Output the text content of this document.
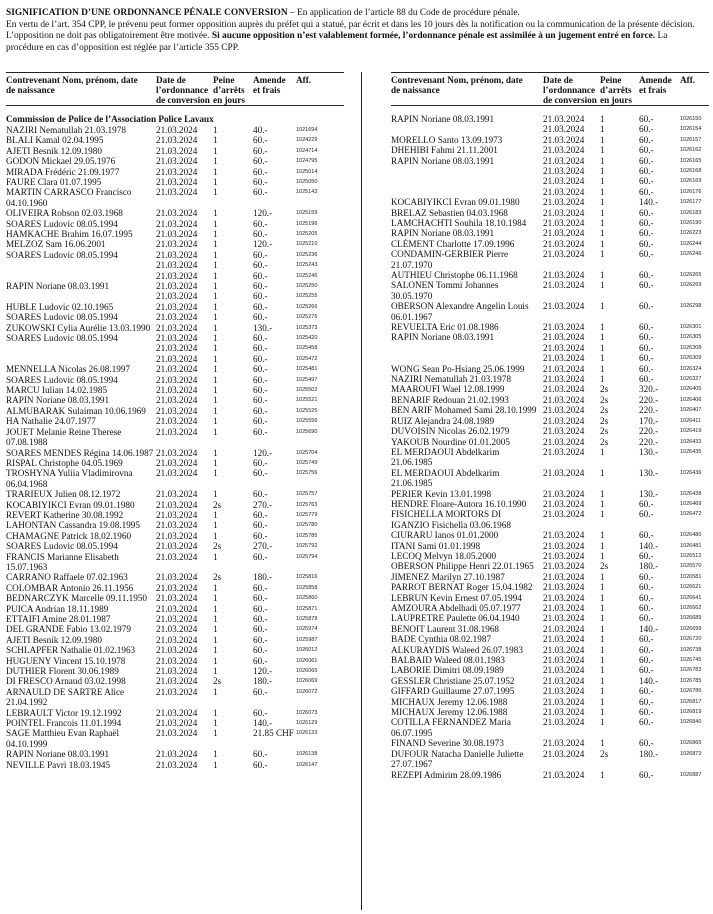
SIGNIFICATION D’UNE ORDONNANCE PÉNALE CONVERSION – En application de l’article 88 du Code de procédure pénale.

En vertu de l’art. 354 CPP, le prévenu peut former opposition auprès du préfet qui a statué, par écrit et dans les 10 jours dès la notification ou la communication de la présente décision. L’opposition ne doit pas obligatoirement être motivée. Si aucune opposition n’est valablement formée, l’ordonnance pénale est assimilée à un jugement entré en force. La procédure en cas d’opposition est réglée par l’article 355 CPP.

Contrevenant Nom, prénom, date de naissance
Date de l’ordonnance de conversion
Peine d’arrêts en jours
Amende et frais
Aff.
Commission de Police de l’Association Police Lavaux
NAZIRI Nematullah 21.03.1978	21.03.2024 1	40.-	1021694
BLALI Kamal 02.04.1995	21.03.2024 1	60.-	1024229
AJETI Besnik 12.09.1980	21.03.2024 1	60.-	1024714
GODON Mickael 29.05.1976	21.03.2024 1	60.-	1024795
MIRADA Frédéric 21.09.1977	21.03.2024 1	60.-	1025014
FAURE Clara 01.07.1995	21.03.2024 1	60.-	1025050
MARTIN CARRASCO Francisco 04.10.1960
21.03.2024 1	60.-	1025143
OLIVEIRA Robson 02.03.1968	21.03.2024 1	120.-	1025159
SOARES Ludovic 08.05.1994	21.03.2024 1	60.-	1025196
HAMKACHE Brahim 16.07.1995	21.03.2024 1	60.-	1025205
MELZOZ Sam 16.06.2001	21.03.2024 1	120.-	1025210
SOARES Ludovic 08.05.1994	21.03.2024 1	60.-	1025236
21.03.2024 1	60.-	1025243
21.03.2024 1	60.-	1025246
RAPIN Noriane 08.03.1991	21.03.2024 1	60.-	1025250
21.03.2024 1	60.-	1025255
HUBLE Ludovic 02.10.1965	21.03.2024 1	60.-	1025266
SOARES Ludovic 08.05.1994	21.03.2024 1	60.-	1025276
ZUKOWSKI Cylia Aurélie 13.03.1990 21.03.2024 1	130.-	1025373
SOARES Ludovic 08.05.1994	21.03.2024 1	60.-	1025420
21.03.2024 1	60.-	1025458
21.03.2024 1	60.-	1025472
MENNELLA Nicolas 26.08.1997	21.03.2024 1	60.-	1025481
SOARES Ludovic 08.05.1994	21.03.2024 1	60.-	1025497
MARCU Iulian 14.02.1985	21.03.2024 1	60.-	1025502
RAPIN Noriane 08.03.1991	21.03.2024 1	60.-	1025521
ALMUBARAK Sulaiman 10.06.1969	21.03.2024 1	60.-	1025525
HA Nathalie 24.07.1977	21.03.2024 1	60.-	1025556
JOUET Melanie Reine Therese 07.08.1988
21.03.2024 1	60.-	1025690
SOARES MENDES Régina 14.06.1987 21.03.2024 1	120.-	1025704
RISPAL Christophe 04.05.1969	21.03.2024 1	60.-	1025749
TROSHYNA Yuliia Vladimirovna 06.04.1968
21.03.2024 1	60.-	1025756
TRARIEUX Julien 08.12.1972	21.03.2024 1	60.-	1025757
KOCABIYIKCI Evran 09.01.1980	21.03.2024 2s	270.-	1025763
REVERT Katherine 30.08.1992	21.03.2024 1	60.-	1025779
LAHONTAN Cassandra 19.08.1995	21.03.2024 1	60.-	1025780
CHAMAGNE Patrick 18.02.1960	21.03.2024 1	60.-	1025785
SOARES Ludovic 08.05.1994	21.03.2024 2s	270.-	1025792
FRANCIS Marianne Elisabeth 15.07.1963
21.03.2024 1	60.-	1025794
CARRANO Raffaele 07.02.1963	21.03.2024 2s	180.-	1025816
COLOMBAR Antonio 26.11.1956	21.03.2024 1	60.-	1025858
BEDNARCZYK Marcelle 09.11.1950 21.03.2024 1	60.-	1025860
PUICA Andrian 18.11.1989	21.03.2024 1	60.-	1025871
ETTAIFI Amine 28.01.1987	21.03.2024 1	60.-	1025878
DEL GRANDE Fabio 13.02.1979	21.03.2024 1	60.-	1025974
AJETI Besnik 12.09.1980	21.03.2024 1	60.-	1025987
SCHLAPFER Nathalie 01.02.1963	21.03.2024 1	60.-	1026012
HUGUENY Vincent 15.10.1978	21.03.2024 1	60.-	1026061
DUTHIER Florent 30.06.1989	21.03.2024 1	120.-	1026065
DI FRESCO Arnaud 03.02.1998	21.03.2024 2s	180.-	1026069
ARNAULD DE SARTRE Alice 21.04.1992
21.03.2024 1	60.-	1026072
LEBRAULT Victor 19.12.1992	21.03.2024 1	60.-	1026073
POINTEL Francois 11.01.1994	21.03.2024 1	140.-	1026129
SAGE Matthieu Evan Raphaël 04.10.1999
21.03.2024 1	21.85 CHF 1026133
RAPIN Noriane 08.03.1991	21.03.2024 1	60.-	1026138
NEVILLE Pavri 18.03.1945	21.03.2024 1	60.-	1026147
Contrevenant Nom, prénom, date de naissance
Date de l’ordonnance de conversion
Peine d’arrêts en jours
Amende et frais
Aff.
RAPIN Noriane 08.03.1991	21.03.2024 1	60.-	1026150
21.03.2024 1	60.-	1026154
MORELLO Santo 13.09.1973	21.03.2024 1	60.-	1026157
DHEHIBI Fahmi 21.11.2001	21.03.2024 1	60.-	1026162
RAPIN Noriane 08.03.1991	21.03.2024 1	60.-	1026165
21.03.2024 1	60.-	1026168
21.03.2024 1	60.-	1026169
21.03.2024 1	60.-	1026176
KOCABIYIKCI Evran 09.01.1980	21.03.2024 1	140.-	1026177
BRELAZ Sebastien 04.03.1968	21.03.2024 1	60.-	1026183
LAMCHACHTI Souhila 18.10.1984	21.03.2024 1	60.-	1026190
RAPIN Noriane 08.03.1991	21.03.2024 1	60.-	1026223
CLÉMENT Charlotte 17.09.1996	21.03.2024 1	60.-	1026244
CONDAMIN-GERBIER Pierre 21.07.1970
21.03.2024 1	60.-	1026246
AUTHIEU Christophe 06.11.1968	21.03.2024 1	60.-	1026265
SALONEN Tommi Johannes 30.05.1970
21.03.2024 1	60.-	1026269
OBERSON Alexandre Angelin Louis 06.01.1967
21.03.2024 1	60.-	1026298
REVUELTA Eric 01.08.1986	21.03.2024 1	60.-	1026301
RAPIN Noriane 08.03.1991	21.03.2024 1	60.-	1026305
21.03.2024 1	60.-	1026308
21.03.2024 1	60.-	1026309
WONG Sean Po-Hsiang 25.06.1999	21.03.2024 1	60.-	1026324
NAZIRI Nematullah 21.03.1978	21.03.2024 1	60.-	1026327
MAAROUFI Wael 12.08.1999	21.03.2024 2s	320.-	1026405
BENARIF Redouan 21.02.1993	21.03.2024 2s	220.-	1026406
BEN ARIF Mohamed Sami 28.10.1999 21.03.2024 2s	220.-	1026407
RUIZ Alejandra 24.08.1989	21.03.2024 2s	170.-	1026411
DUVOISIN Nicolas 26.02.1979	21.03.2024 2s	220.-	1026419
YAKOUB Nourdine 01.01.2005	21.03.2024 2s	220.-	1026433
EL MERDAOUI Abdelkarim 21.06.1985
21.03.2024 1	130.-	1026435
EL MERDAOUI Abdelkarim 21.06.1985
21.03.2024 1	130.-	1026436
PERIER Kevin 13.01.1998	21.03.2024 1	130.-	1026438
HENDRE Floare-Autora 16.10.1990	21.03.2024 1	60.-	1026469
FISICHELLA MORTORS DI IGANZIO Fisichella 03.06.1968
21.03.2024 1	60.-	1026472
CIURARU Ianos 01.01.2000	21.03.2024 1	60.-	1026480
ITANI Sami 01.01.1998	21.03.2024 1	140.-	1026481
LECOQ Melvyn 18.05.2000	21.03.2024 1	60.-	1026512
OBERSON Philippe Henri 22.01.1965	21.03.2024 2s	180.-	1026570
JIMENEZ Marilyn 27.10.1987	21.03.2024 1	60.-	1026581
PARROT BERNAT Roger 15.04.1982	21.03.2024 1	60.-	1026621
LEBRUN Kevin Ernest 07.05.1994	21.03.2024 1	60.-	1026641
AMZOURA Abdelhadi 05.07.1977	21.03.2024 1	60.-	1026662
LAUPRETRE Paulette 06.04.1940	21.03.2024 1	60.-	1026689
BENOIT Laurent 31.08.1968	21.03.2024 1	140.-	1026699
BADE Cynthia 08.02.1987	21.03.2024 1	60.-	1026720
ALKURAYDIS Waleed 26.07.1983	21.03.2024 1	60.-	1026738
BALBAID Waleed 08.01.1983	21.03.2024 1	60.-	1026745
LABORIE Dimitri 08.09.1989	21.03.2024 1	60.-	1026783
GESSLER Christiane 25.07.1952	21.03.2024 1	140.-	1026785
GIFFARD Guillaume 27.07.1995	21.03.2024 1	60.-	1026786
MICHAUX Jeremy 12.06.1988	21.03.2024 1	60.-	1026817
MICHAUX Jeremy 12.06.1988	21.03.2024 1	60.-	1026819
COTILLA FERNANDEZ Maria 06.07.1995
21.03.2024 1	60.-	1026840
FINAND Severine 30.08.1973	21.03.2024 1	60.-	1026865
DUFOUR Natacha Danielle Juliette 27.07.1967
21.03.2024 2s	180.-	1026873
REZEPI Admirim 28.09.1986	21.03.2024 1	60.-	1026887
